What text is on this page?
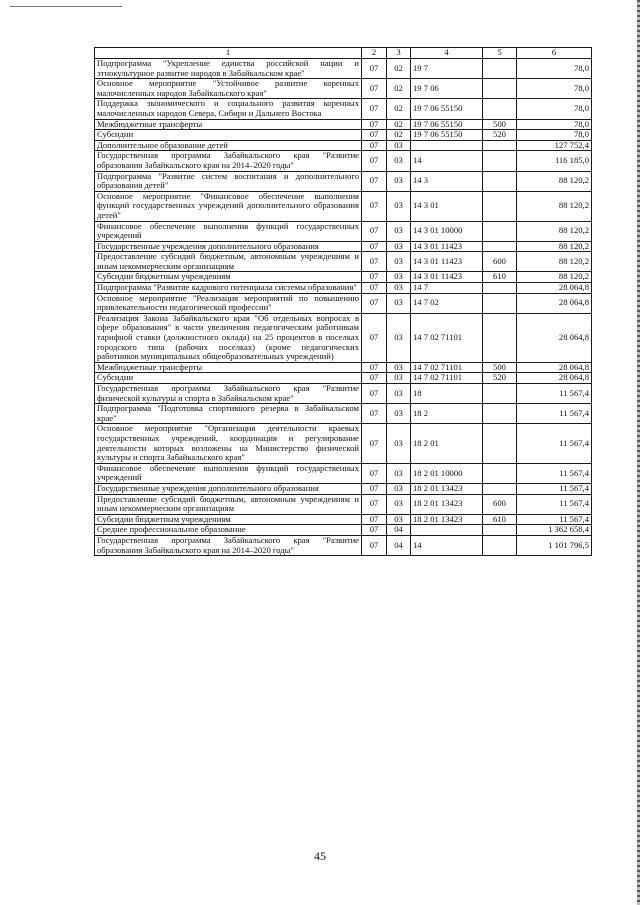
1	2	3	4	5	6
Подпрограмма "Укрепление единства российской нации и этнокультурное развитие народов в Забайкальском крае"	07	02	19 7		78,0
Основное мероприятие "Устойчивое развитие коренных малочисленных народов Забайкальского края"	07	02	19 7 06		78,0
Поддержка экономического и социального развития коренных малочисленных народов Севера, Сибири и Дальнего Востока	07	02	19 7 06 55150		78,0
Межбюджетные трансферты	07	02	19 7 06 55150	500	78,0
Субсидии	07	02	19 7 06 55150	520	78,0
Дополнительное образование детей	07	03			127 752,4
Государственная программа Забайкальского края "Развитие образования Забайкальского края на 2014–2020 годы"	07	03	14		116 185,0
Подпрограмма "Развитие систем воспитания и дополнительного образования детей"	07	03	14 3		88 120,2
Основное мероприятие "Финансовое обеспечение выполнения функций государственных учреждений дополнительного образования детей"	07	03	14 3 01		88 120,2
Финансовое обеспечение выполнения функций государственных учреждений	07	03	14 3 01 10000		88 120,2
Государственные учреждения дополнительного образования	07	03	14 3 01 11423		88 120,2
Предоставление субсидий бюджетным, автономным учреждениям и иным некоммерческим организациям	07	03	14 3 01 11423	600	88 120,2
Субсидии бюджетным учреждениям	07	03	14 3 01 11423	610	88 120,2
Подпрограмма "Развитие кадрового потенциала системы образования"	07	03	14 7		28 064,8
Основное мероприятие "Реализация мероприятий по повышению привлекательности педагогической профессии"	07	03	14 7 02		28 064,8
Реализация Закона Забайкальского края "Об отдельных вопросах в сфере образования" в части увеличения педагогическим работникам тарифной ставки (должностного оклада) на 25 процентов в поселках городского типа (рабочих поселках) (кроме педагогических работников муниципальных общеобразовательных учреждений)	07	03	14 7 02 71101		28 064,8
Межбюджетные трансферты	07	03	14 7 02 71101	500	28 064,8
Субсидии	07	03	14 7 02 71101	520	28 064,8
Государственная программа Забайкальского края "Развитие физической культуры и спорта в Забайкальском крае"	07	03	18		11 567,4
Подпрограмма "Подготовка спортивного резерва в Забайкальском крае"	07	03	18 2		11 567,4
Основное мероприятие "Организация деятельности краевых государственных учреждений, координация и регулирование деятельности которых возложены на Министерство физической культуры и спорта Забайкальского края"	07	03	18 2 01		11 567,4
Финансовое обеспечение выполнения функций государственных учреждений	07	03	18 2 01 10000		11 567,4
Государственные учреждения дополнительного образования	07	03	18 2 01 13423		11 567,4
Предоставление субсидий бюджетным, автономным учреждениям и иным некоммерческим организациям	07	03	18 2 01 13423	600	11 567,4
Субсидии бюджетным учреждениям	07	03	18 2 01 13423	610	11 567,4
Среднее профессиональное образование	07	04			1 362 658,4
Государственная программа Забайкальского края "Развитие образования Забайкальского края на 2014–2020 годы"	07	04	14		1 101 796,5
45
